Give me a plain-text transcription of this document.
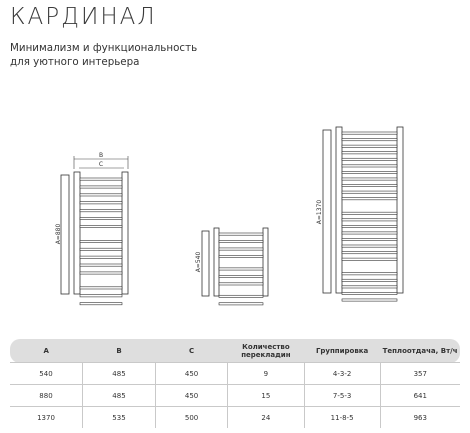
КАРДИНАЛ
Минимализм и функциональность
для уютного интерьера
B
C
A=880
A=540
A=1370
A	B	C	Количество перекладин	Группировка	Теплоотдача, Вт/ч
540	485	450	9	4-3-2	357
880	485	450	15	7-5-3	641
1370	535	500	24	11-8-5	963
